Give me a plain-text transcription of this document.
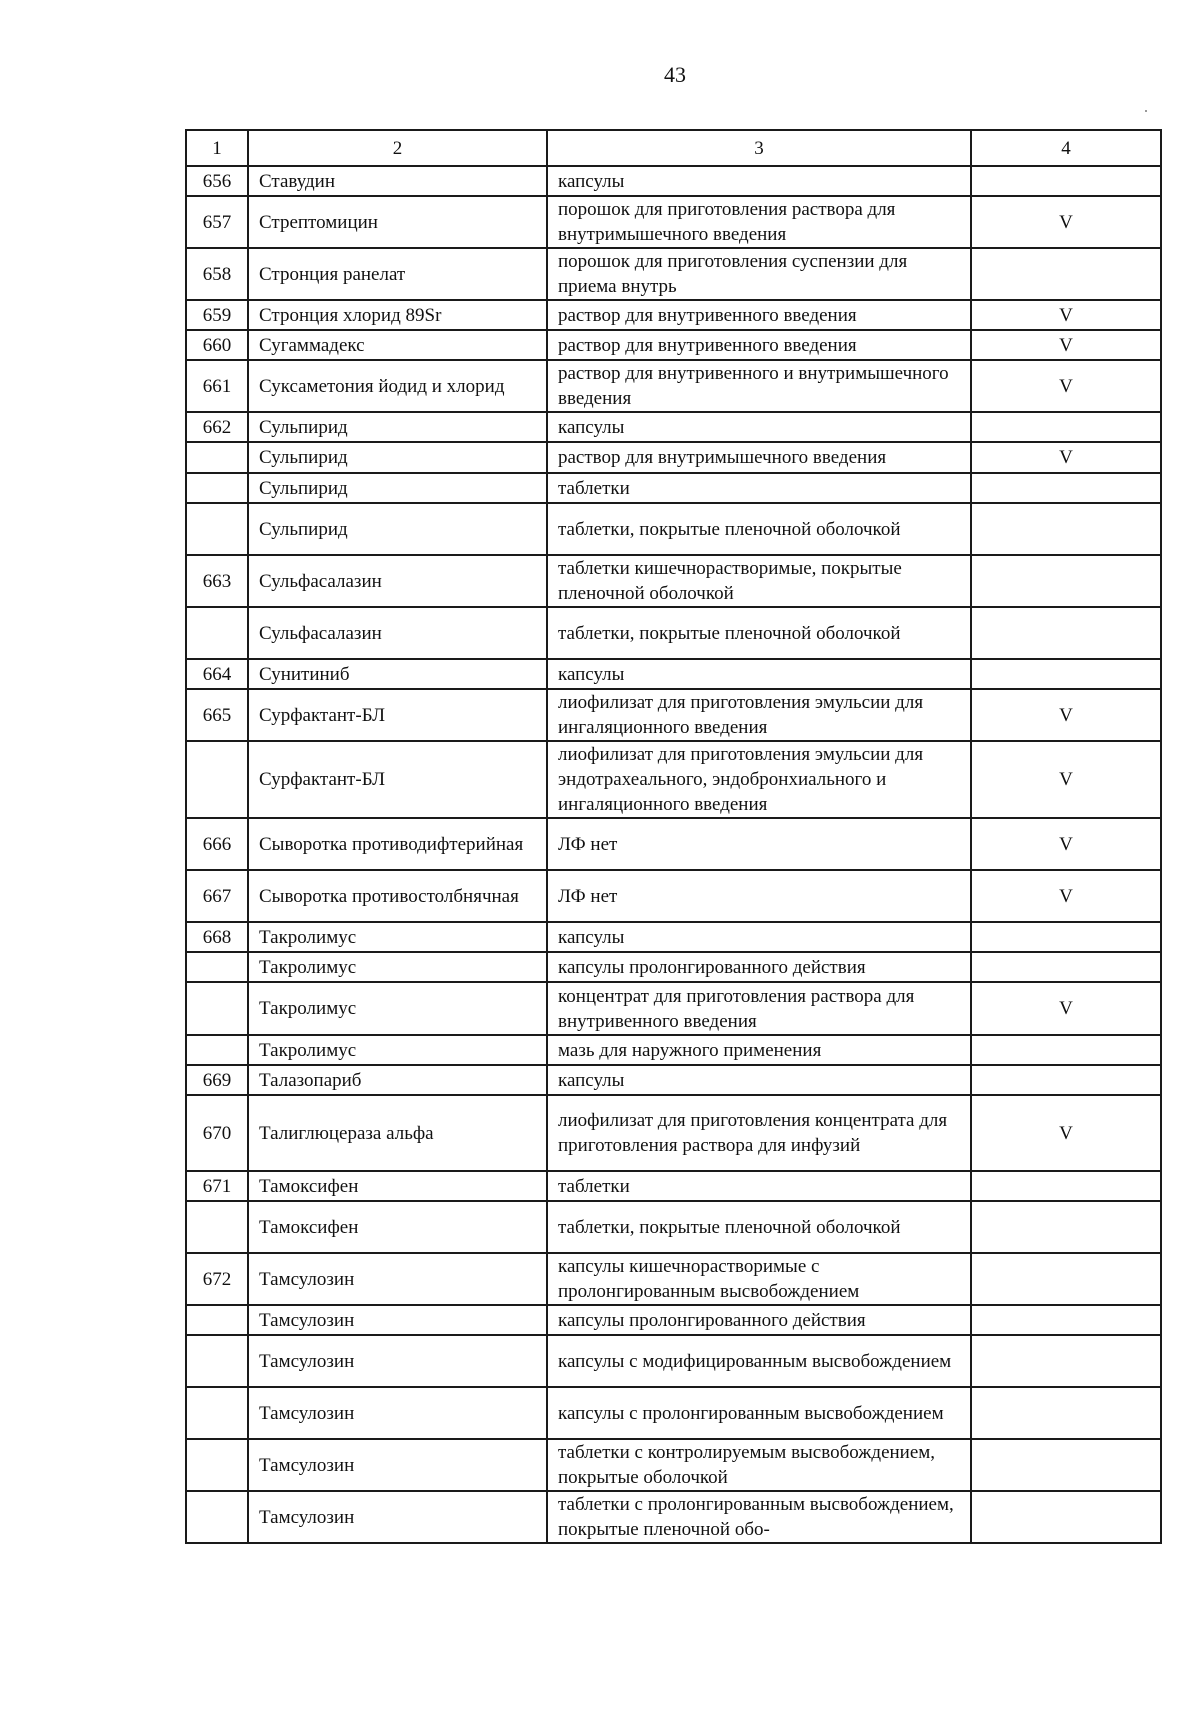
43
1	2	3	4
656	Ставудин	капсулы	
657	Стрептомицин	порошок для приготовления раствора для внутримышечного введения	V
658	Стронция ранелат	порошок для приготовления суспензии для приема внутрь	
659	Стронция хлорид 89Sr	раствор для внутривенного введения	V
660	Сугаммадекс	раствор для внутривенного введения	V
661	Суксаметония йодид и хлорид	раствор для внутривенного и внутримышечного введения	V
662	Сульпирид	капсулы	
	Сульпирид	раствор для внутримышечного введения	V
	Сульпирид	таблетки	
	Сульпирид	таблетки, покрытые пленочной оболочкой	
663	Сульфасалазин	таблетки кишечнорастворимые, покрытые пленочной оболочкой	
	Сульфасалазин	таблетки, покрытые пленочной оболочкой	
664	Сунитиниб	капсулы	
665	Сурфактант-БЛ	лиофилизат для приготовления эмульсии для ингаляционного введения	V
	Сурфактант-БЛ	лиофилизат для приготовления эмульсии для эндотрахеального, эндобронхиального и ингаляционного введения	V
666	Сыворотка противодифтерийная	ЛФ нет	V
667	Сыворотка противостолбнячная	ЛФ нет	V
668	Такролимус	капсулы	
	Такролимус	капсулы пролонгированного действия	
	Такролимус	концентрат для приготовления раствора для внутривенного введения	V
	Такролимус	мазь для наружного применения	
669	Талазопариб	капсулы	
670	Талиглюцераза альфа	лиофилизат для приготовления концентрата для приготовления раствора для инфузий	V
671	Тамоксифен	таблетки	
	Тамоксифен	таблетки, покрытые пленочной оболочкой	
672	Тамсулозин	капсулы кишечнорастворимые с пролонгированным высвобождением	
	Тамсулозин	капсулы пролонгированного действия	
	Тамсулозин	капсулы с модифицированным высвобождением	
	Тамсулозин	капсулы с пролонгированным высвобождением	
	Тамсулозин	таблетки с контролируемым высвобождением, покрытые оболочкой	
	Тамсулозин	таблетки с пролонгированным высвобождением, покрытые пленочной обо-	
